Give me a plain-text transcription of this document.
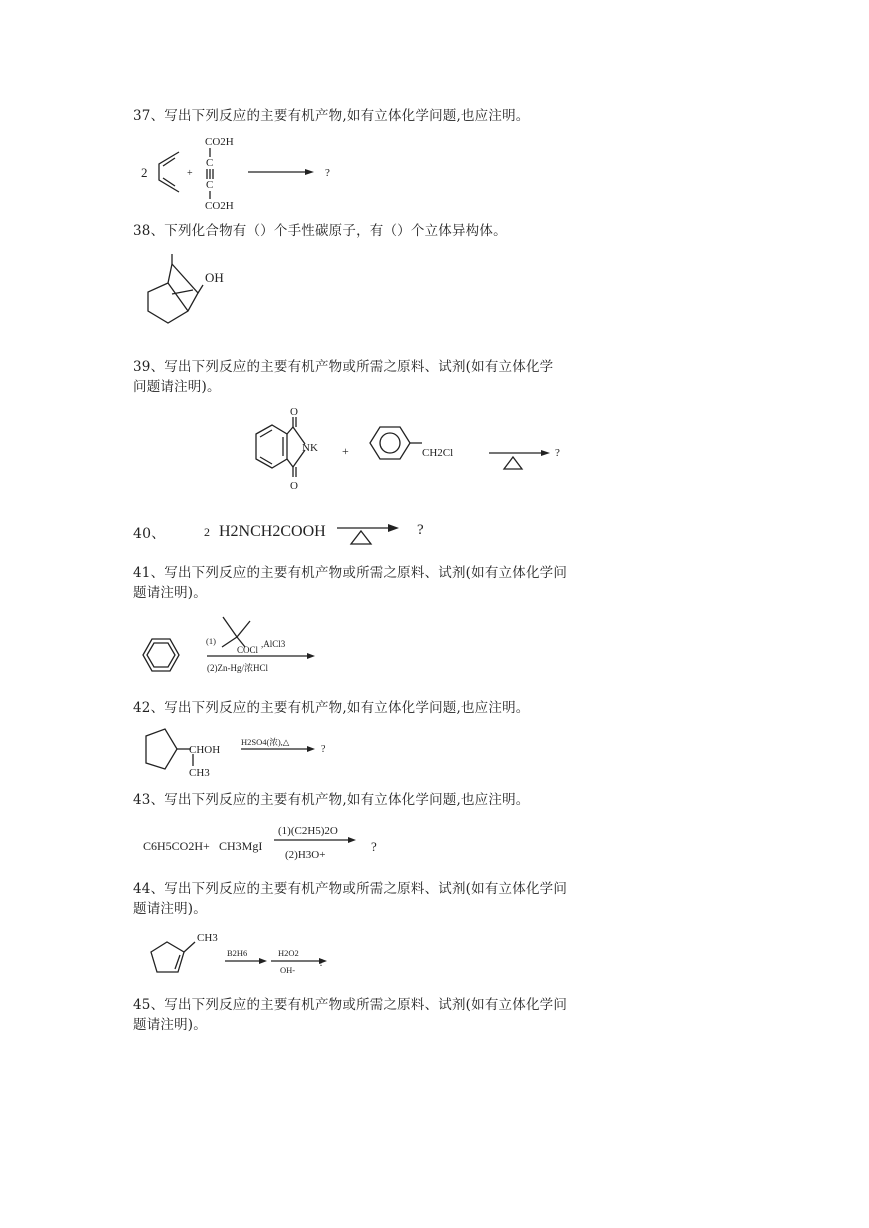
37、写出下列反应的主要有机产物,如有立体化学问题,也应注明。
2	+
CO2H
C
C
CO2H
?
38、下列化合物有（）个手性碳原子，有（）个立体异构体。
OH
39、写出下列反应的主要有机产物或所需之原料、试剂(如有立体化学
问题请注明)。
O
O
NK +	CH2Cl	?
40、	2 H2NCH2COOH	?
41、写出下列反应的主要有机产物或所需之原料、试剂(如有立体化学问
题请注明)。
(1)
COCl
,AlCl3
(2)Zn-Hg/浓HCl
42、写出下列反应的主要有机产物,如有立体化学问题,也应注明。
CHOH
CH3
H2SO4(浓),△
?
43、写出下列反应的主要有机产物,如有立体化学问题,也应注明。
C6H5CO2H + CH3MgI
(1)(C2H5)2O
(2)H3O+
?
44、写出下列反应的主要有机产物或所需之原料、试剂(如有立体化学问
题请注明)。
CH3
B2H6	H2O2
OH-
?
45、写出下列反应的主要有机产物或所需之原料、试剂(如有立体化学问
题请注明)。
